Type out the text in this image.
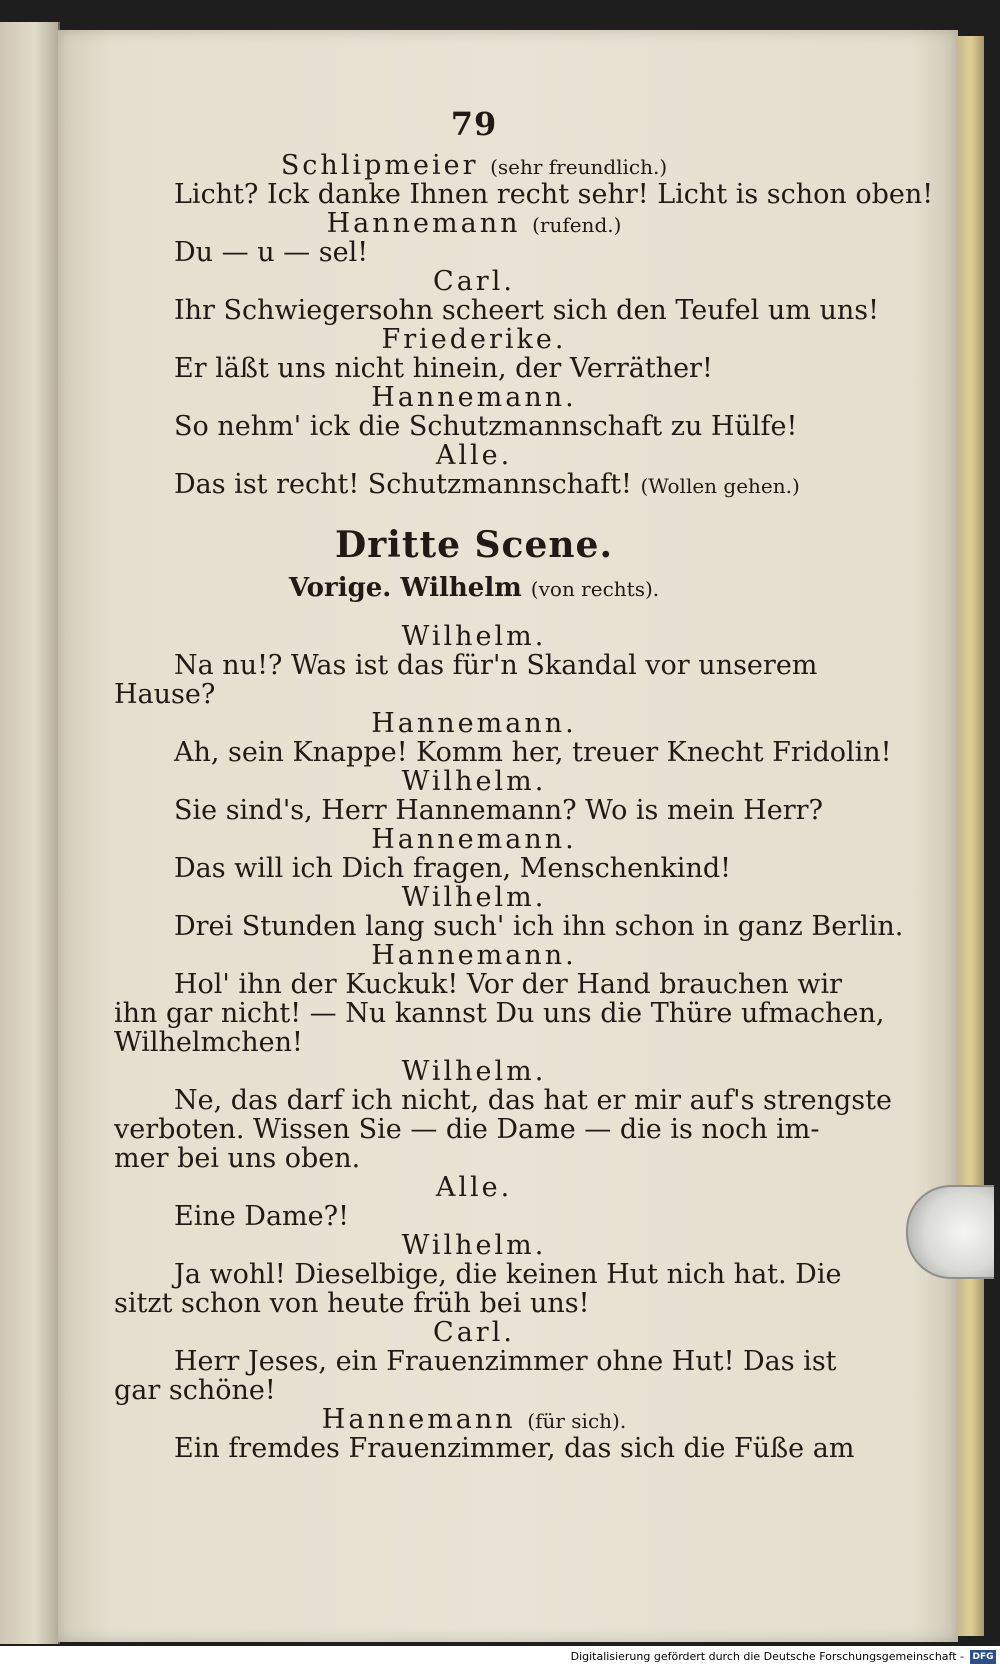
79
Schlipmeier (sehr freundlich.)
Licht? Ick danke Ihnen recht sehr! Licht is schon oben!
Hannemann (rufend.)
Du — u — sel!
Carl.
Ihr Schwiegersohn scheert sich den Teufel um uns!
Friederike.
Er läßt uns nicht hinein, der Verräther!
Hannemann.
So nehm' ick die Schutzmannschaft zu Hülfe!
Alle.
Das ist recht! Schutzmannschaft! (Wollen gehen.)
Dritte Scene.
Vorige. Wilhelm (von rechts).
Wilhelm.
Na nu!? Was ist das für'n Skandal vor unserem
Hause?
Hannemann.
Ah, sein Knappe! Komm her, treuer Knecht Fridolin!
Wilhelm.
Sie sind's, Herr Hannemann? Wo is mein Herr?
Hannemann.
Das will ich Dich fragen, Menschenkind!
Wilhelm.
Drei Stunden lang such' ich ihn schon in ganz Berlin.
Hannemann.
Hol' ihn der Kuckuk! Vor der Hand brauchen wir
ihn gar nicht! — Nu kannst Du uns die Thüre ufmachen,
Wilhelmchen!
Wilhelm.
Ne, das darf ich nicht, das hat er mir auf's strengste
verboten. Wissen Sie — die Dame — die is noch im-
mer bei uns oben.
Alle.
Eine Dame?!
Wilhelm.
Ja wohl! Dieselbige, die keinen Hut nich hat. Die
sitzt schon von heute früh bei uns!
Carl.
Herr Jeses, ein Frauenzimmer ohne Hut! Das ist
gar schöne!
Hannemann (für sich).
Ein fremdes Frauenzimmer, das sich die Füße am
Digitalisierung gefördert durch die Deutsche Forschungsgemeinschaft - DFG
